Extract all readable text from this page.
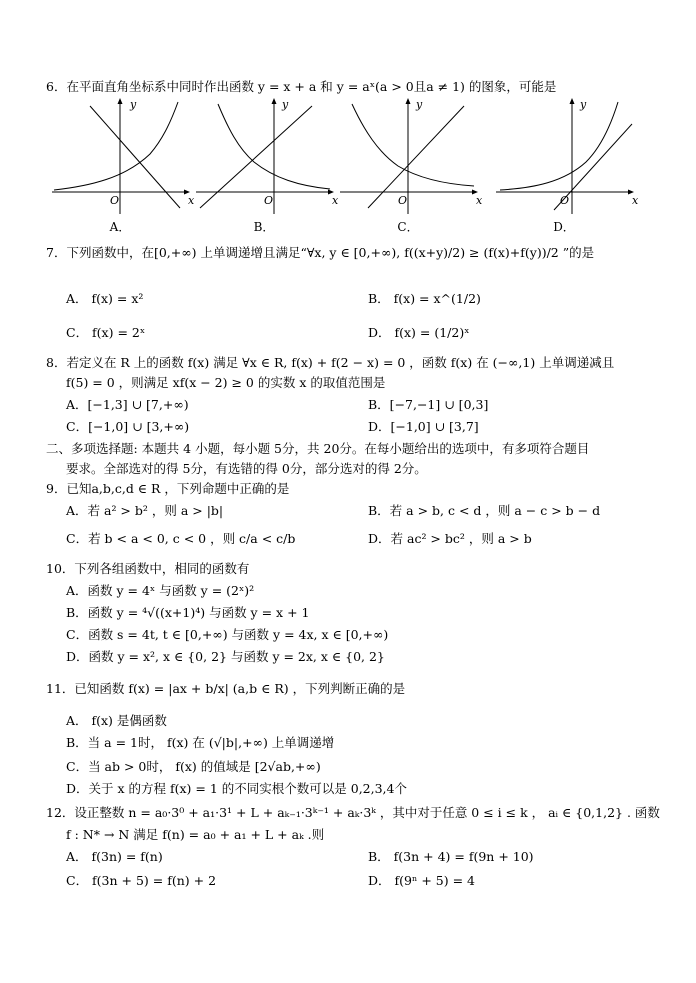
6．在平面直角坐标系中同时作出函数 y = x + a 和 y = aˣ(a > 0且a ≠ 1) 的图象，可能是
y
x
O
A．
y
x
O
B．
y
x
O
C．
y
x
O
D．
7．下列函数中，在[0,+∞) 上单调递增且满足“∀x, y ∈ [0,+∞), f((x+y)/2) ≥ (f(x)+f(y))/2 ”的是
A． f(x) = x²	B． f(x) = x^(1/2)
C． f(x) = 2ˣ	D． f(x) = (1/2)ˣ
8．若定义在 R 上的函数 f(x) 满足 ∀x ∈ R, f(x) + f(2 − x) = 0 ，函数 f(x) 在 (−∞,1) 上单调递减且
f(5) = 0 ，则满足 xf(x − 2) ≥ 0 的实数 x 的取值范围是
A．[−1,3] ∪ [7,+∞)	B．[−7,−1] ∪ [0,3]
C．[−1,0] ∪ [3,+∞)	D．[−1,0] ∪ [3,7]
二、多项选择题: 本题共 4 小题，每小题 5分，共 20分。在每小题给出的选项中，有多项符合题目
要求。全部选对的得 5分，有选错的得 0分，部分选对的得 2分。
9．已知a,b,c,d ∈ R ，下列命题中正确的是
A．若 a² > b² ，则 a > |b|	B．若 a > b, c < d ，则 a − c > b − d
C．若 b < a < 0, c < 0 ，则 c/a < c/b	D．若 ac² > bc² ，则 a > b
10．下列各组函数中，相同的函数有
A．函数 y = 4ˣ 与函数 y = (2ˣ)²
B．函数 y = ⁴√((x+1)⁴) 与函数 y = x + 1
C．函数 s = 4t, t ∈ [0,+∞) 与函数 y = 4x, x ∈ [0,+∞)
D．函数 y = x², x ∈ {0, 2} 与函数 y = 2x, x ∈ {0, 2}
11．已知函数 f(x) = |ax + b/x| (a,b ∈ R) ，下列判断正确的是
A． f(x) 是偶函数
B．当 a = 1时， f(x) 在 (√|b|,+∞) 上单调递增
C．当 ab > 0时， f(x) 的值域是 [2√ab,+∞)
D．关于 x 的方程 f(x) = 1 的不同实根个数可以是 0,2,3,4个
12．设正整数 n = a₀·3⁰ + a₁·3¹ + L + aₖ₋₁·3ᵏ⁻¹ + aₖ·3ᵏ ，其中对于任意 0 ≤ i ≤ k ， aᵢ ∈ {0,1,2} . 函数
f : N* → N 满足 f(n) = a₀ + a₁ + L + aₖ .则
A． f(3n) = f(n)	B． f(3n + 4) = f(9n + 10)
C． f(3n + 5) = f(n) + 2	D． f(9ⁿ + 5) = 4
